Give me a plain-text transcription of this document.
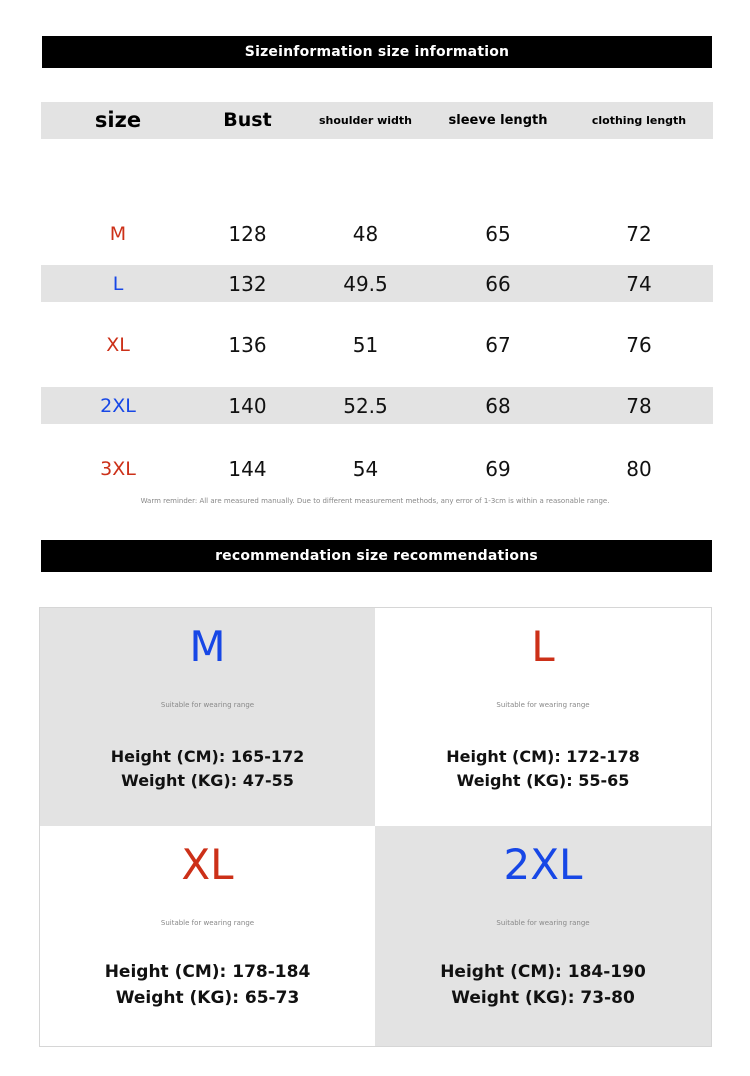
Sizeinformation size information
size	Bust	shoulder width	sleeve length	clothing length

M	128	48	65	72
L	132	49.5	66	74
XL	136	51	67	76
2XL	140	52.5	68	78
3XL	144	54	69	80
Warm reminder: All are measured manually. Due to different measurement methods, any error of 1-3cm is within a reasonable range.
recommendation size recommendations
M
Suitable for wearing range
Height (CM): 165-172
Weight (KG): 47-55
L
Suitable for wearing range
Height (CM): 172-178
Weight (KG): 55-65
XL
Suitable for wearing range
Height (CM): 178-184
Weight (KG): 65-73
2XL
Suitable for wearing range
Height (CM): 184-190
Weight (KG): 73-80
